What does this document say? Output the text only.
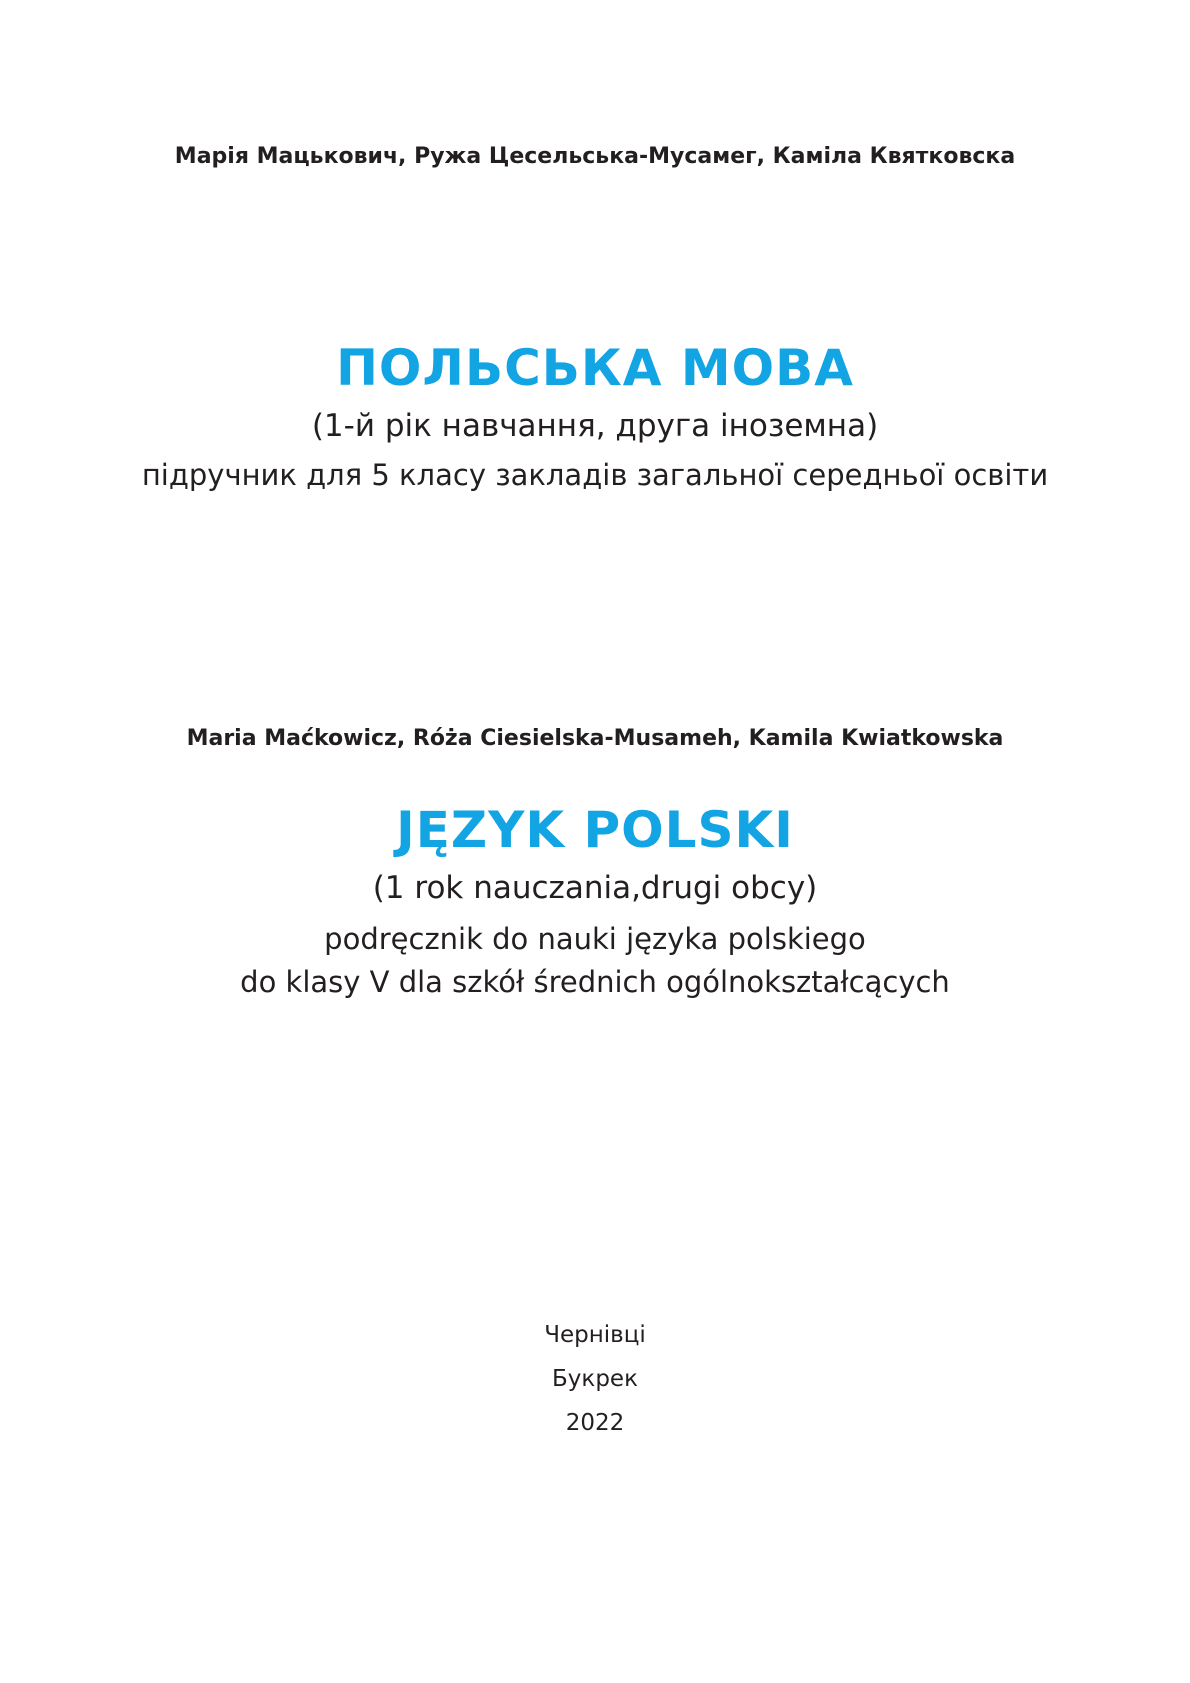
Марія Мацькович, Ружа Цесельська-Мусамег, Каміла Квятковска
ПОЛЬСЬКА МОВА
(1-й рік навчання, друга іноземна)
підручник для 5 класу закладів загальної середньої освіти
Maria Maćkowicz, Róża Ciesielska-Musameh, Kamila Kwiatkowska
JĘZYK POLSKI
(1 rok nauczania,drugi obcy)
podręcznik do nauki języka polskiego
do klasy V dla szkół średnich ogólnokształcących
Чернівці
Букрек
2022
